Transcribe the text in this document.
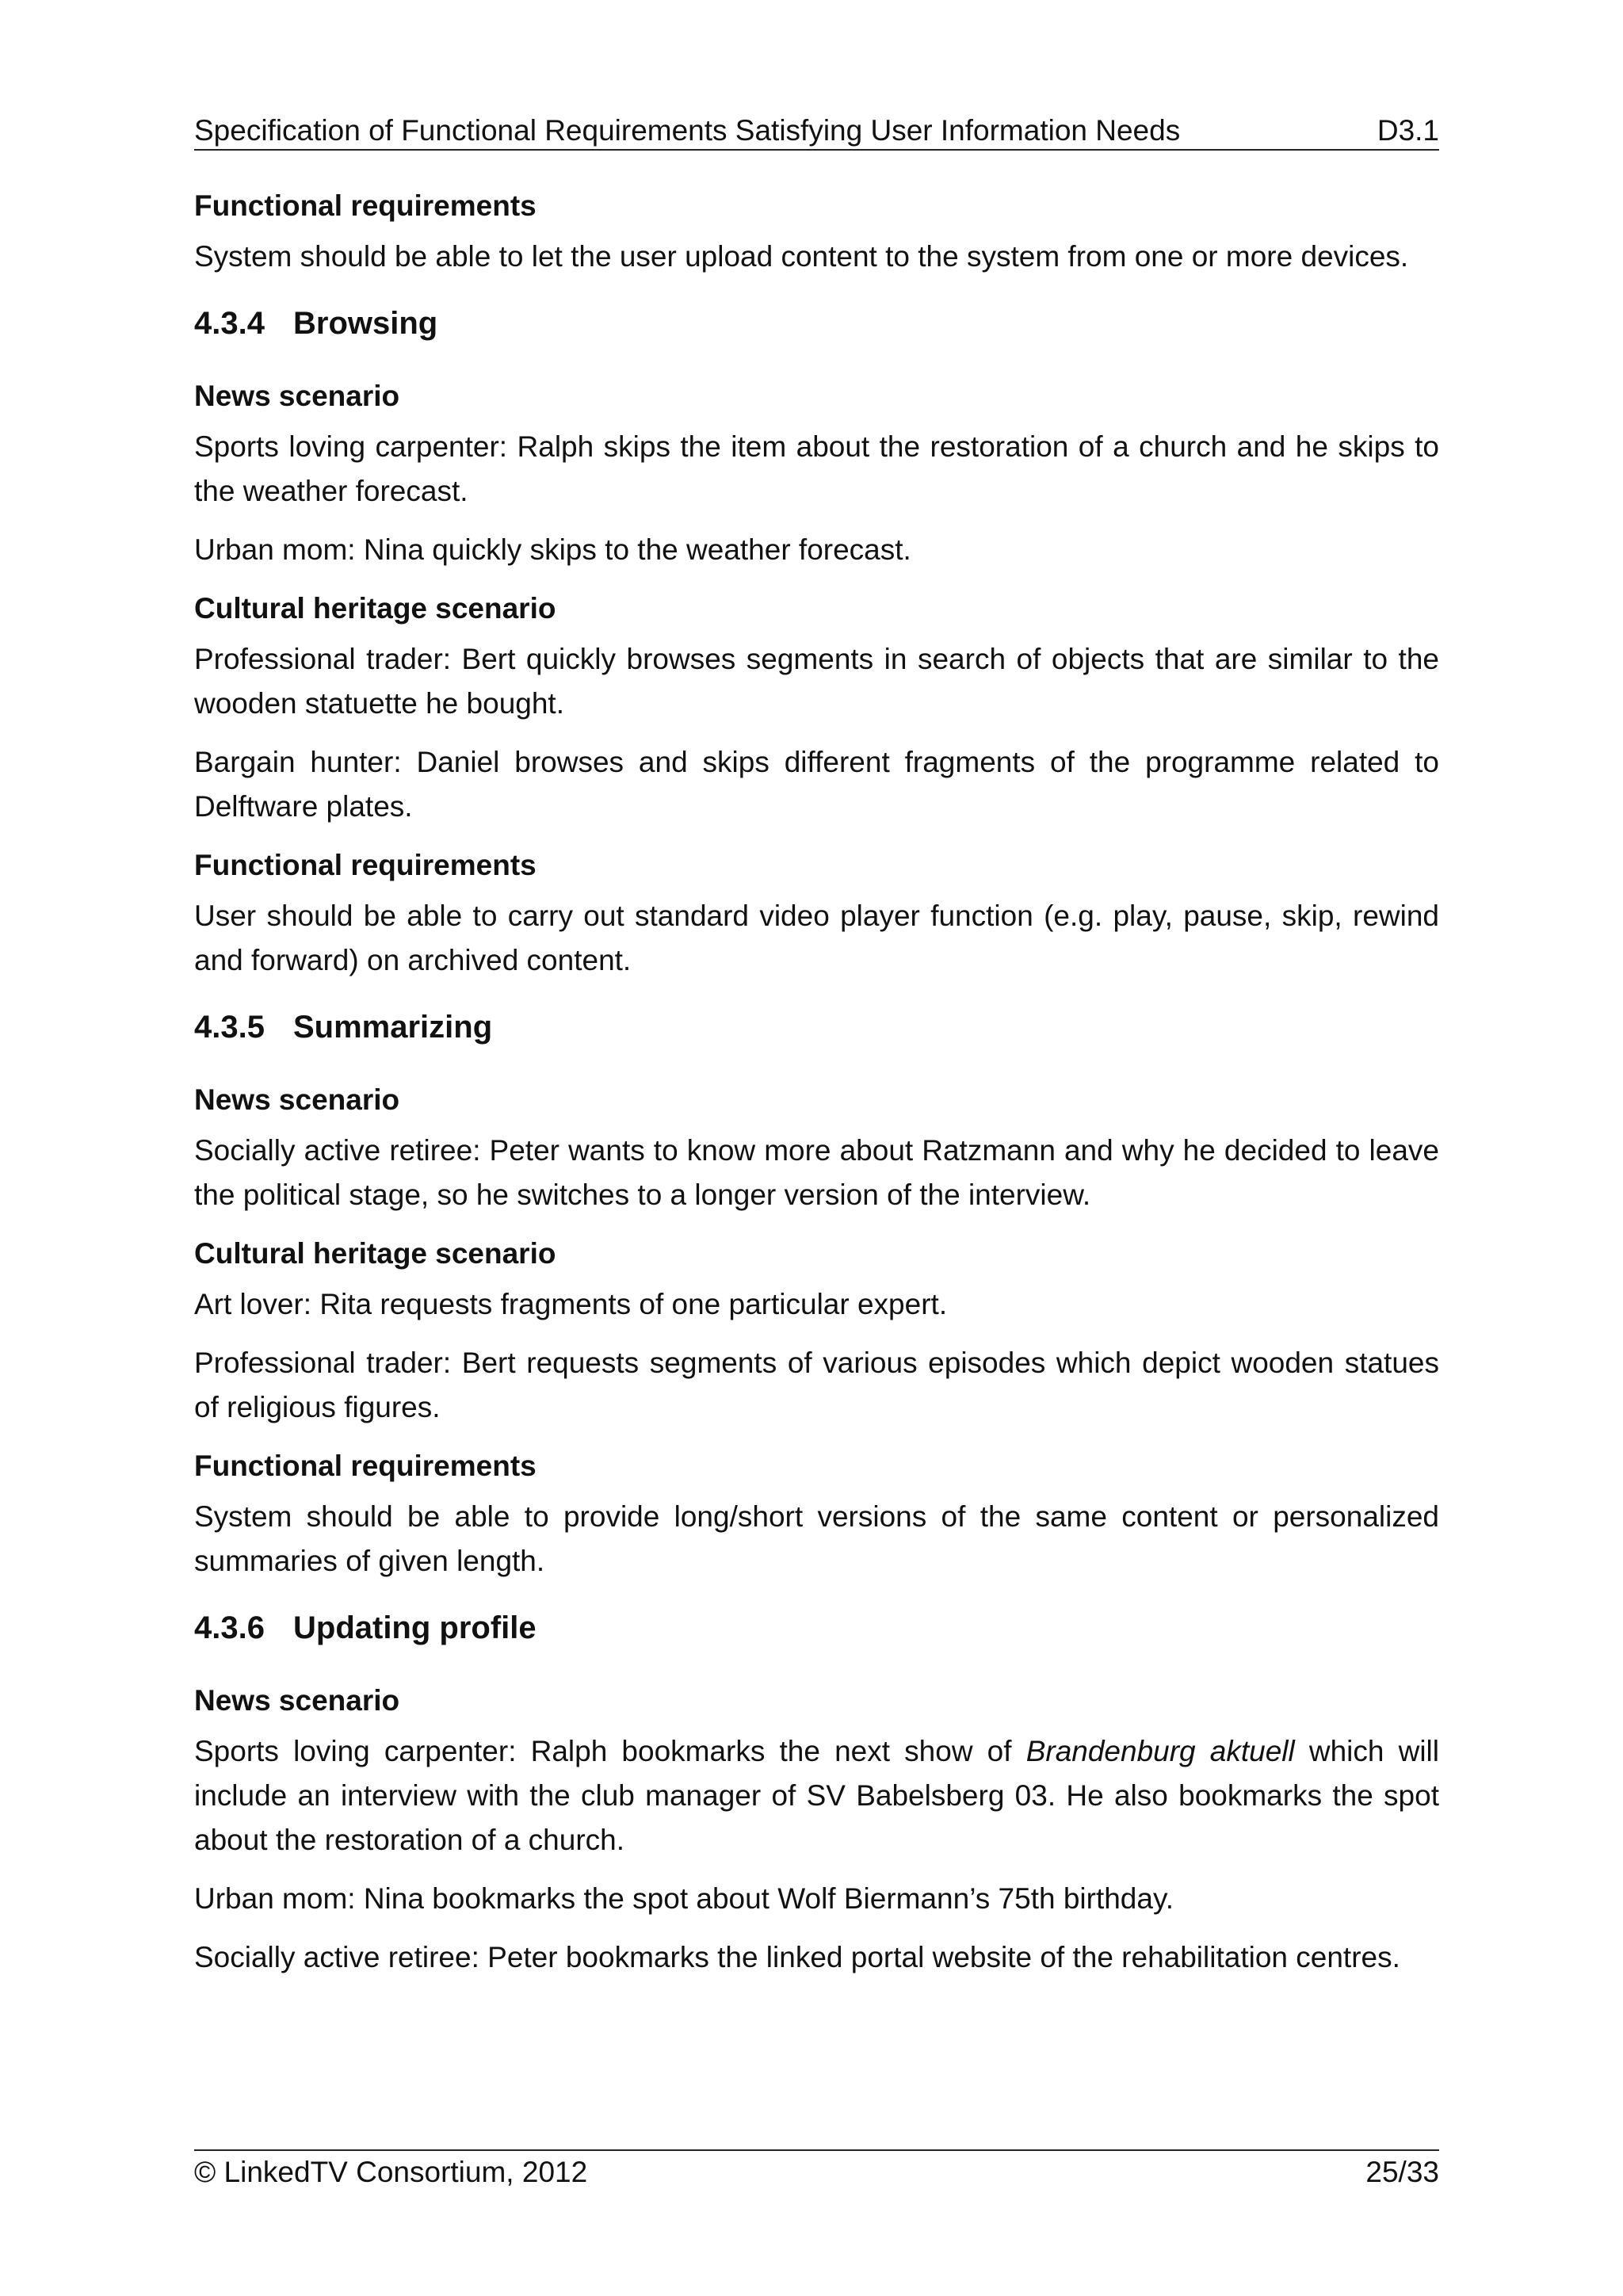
Specification of Functional Requirements Satisfying User Information Needs	D3.1
Functional requirements

System should be able to let the user upload content to the system from one or more devices.

4.3.4 Browsing
News scenario

Sports loving carpenter: Ralph skips the item about the restoration of a church and he skips to the weather forecast.

Urban mom: Nina quickly skips to the weather forecast.

Cultural heritage scenario

Professional trader: Bert quickly browses segments in search of objects that are similar to the wooden statuette he bought.

Bargain hunter: Daniel browses and skips different fragments of the programme related to Delftware plates.

Functional requirements

User should be able to carry out standard video player function (e.g. play, pause, skip, rewind and forward) on archived content.

4.3.5 Summarizing
News scenario

Socially active retiree: Peter wants to know more about Ratzmann and why he decided to leave the political stage, so he switches to a longer version of the interview.

Cultural heritage scenario

Art lover: Rita requests fragments of one particular expert.

Professional trader: Bert requests segments of various episodes which depict wooden statues of religious figures.

Functional requirements

System should be able to provide long/short versions of the same content or personalized summaries of given length.

4.3.6 Updating profile
News scenario

Sports loving carpenter: Ralph bookmarks the next show of Brandenburg aktuell which will include an interview with the club manager of SV Babelsberg 03. He also bookmarks the spot about the restoration of a church.

Urban mom: Nina bookmarks the spot about Wolf Biermann’s 75th birthday.

Socially active retiree: Peter bookmarks the linked portal website of the rehabilitation centres.

© LinkedTV Consortium, 2012	25/33
